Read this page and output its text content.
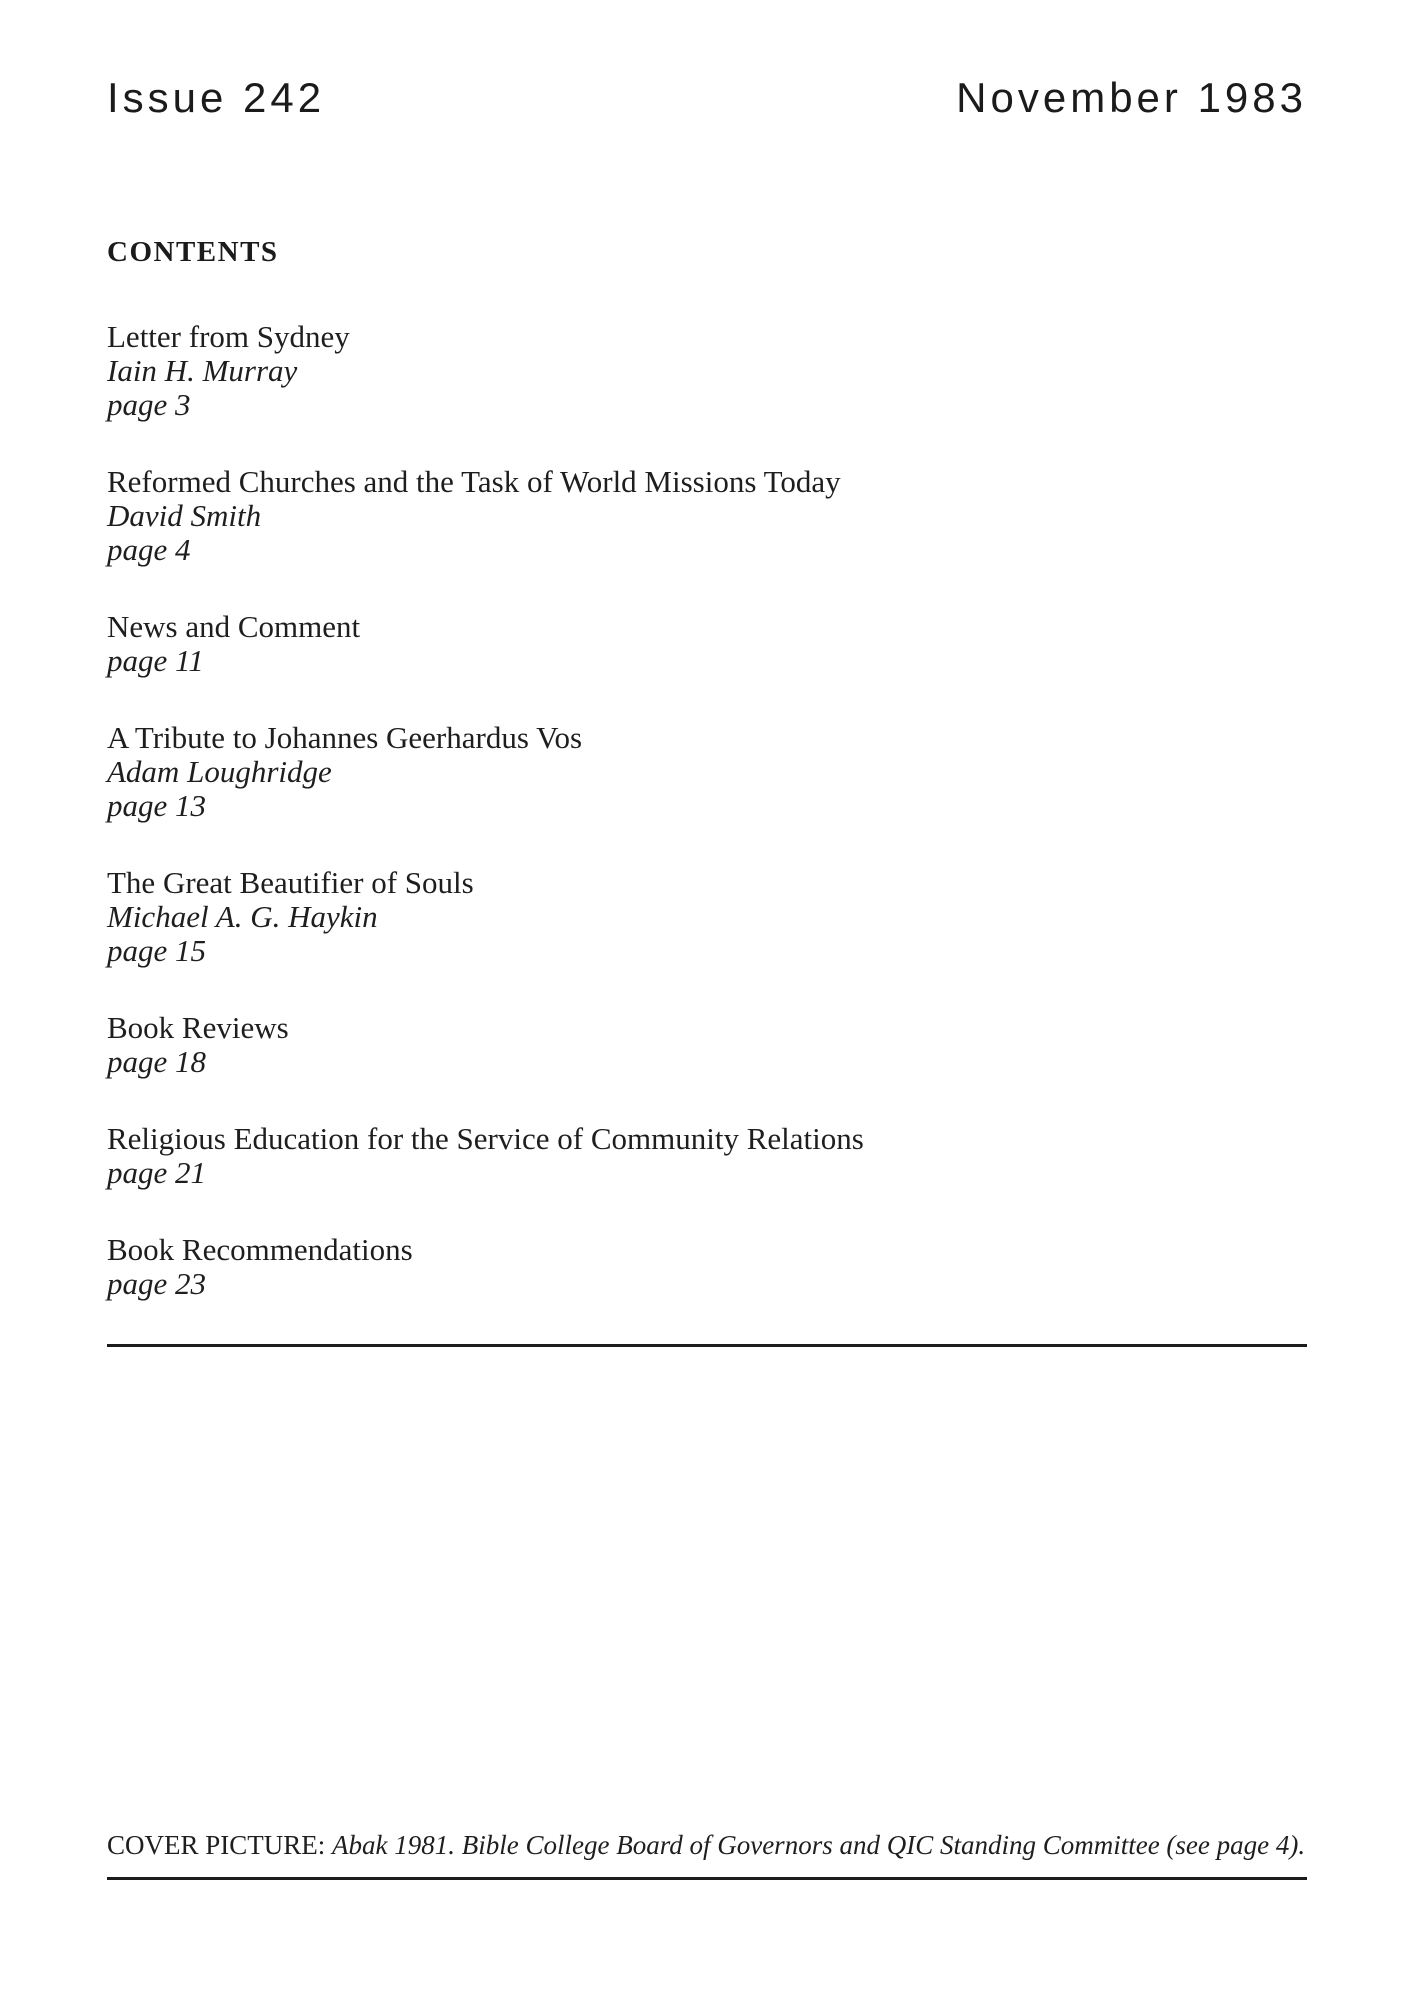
Issue 242	November 1983
CONTENTS
Letter from Sydney
Iain H. Murray
page 3
Reformed Churches and the Task of World Missions Today
David Smith
page 4
News and Comment
page 11
A Tribute to Johannes Geerhardus Vos
Adam Loughridge
page 13
The Great Beautifier of Souls
Michael A. G. Haykin
page 15
Book Reviews
page 18
Religious Education for the Service of Community Relations
page 21
Book Recommendations
page 23

COVER PICTURE: Abak 1981. Bible College Board of Governors and QIC Standing Committee (see page 4).
